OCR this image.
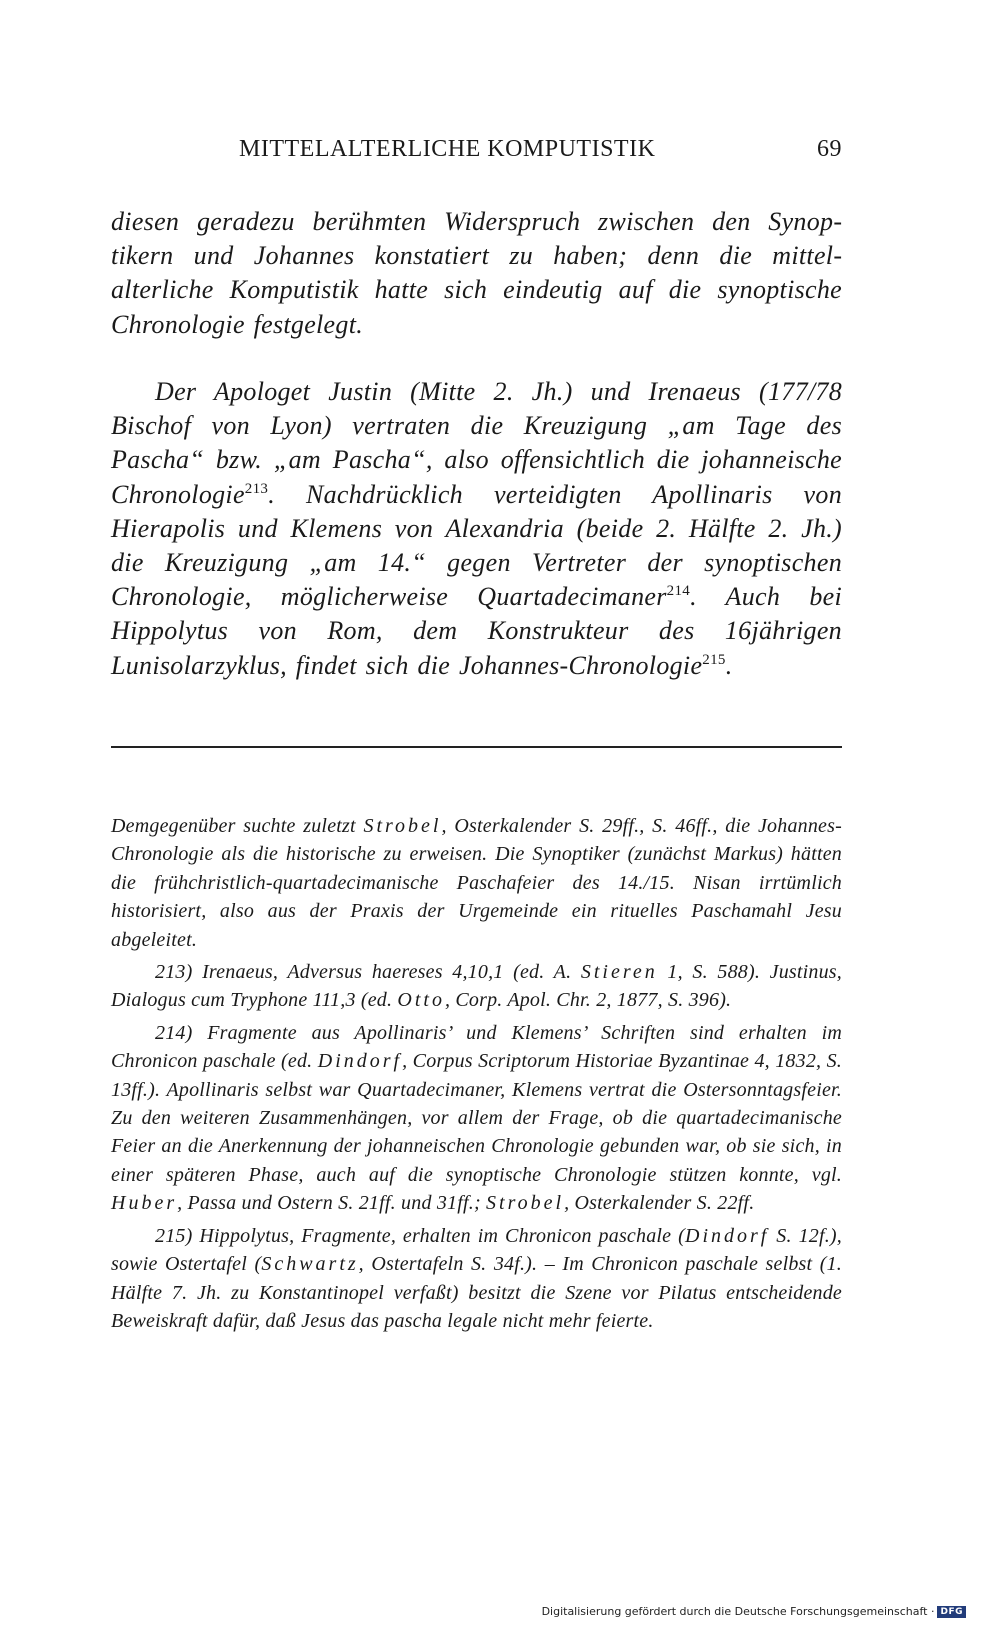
MITTELALTERLICHE KOMPUTISTIK	69

diesen geradezu berühmten Widerspruch zwischen den Synoptikern und Johannes konstatiert zu haben; denn die mittelalterliche Komputistik hatte sich eindeutig auf die synoptische Chronologie festgelegt.

Der Apologet Justin (Mitte 2. Jh.) und Irenaeus (177/78 Bischof von Lyon) vertraten die Kreuzigung „am Tage des Pascha“ bzw. „am Pascha“, also offensichtlich die johanneische Chronologie$^{213}$. Nachdrücklich verteidigten Apollinaris von Hierapolis und Klemens von Alexandria (beide 2. Hälfte 2. Jh.) die Kreuzigung „am 14.“ gegen Vertreter der synoptischen Chronologie, möglicherweise Quartadecimaner$^{214}$. Auch bei Hippolytus von Rom, dem Konstrukteur des 16jährigen Lunisolarzyklus, findet sich die Johannes-Chronologie$^{215}$.

Demgegenüber suchte zuletzt Strobel, Osterkalender S. 29ff., S. 46ff., die Johannes-Chronologie als die historische zu erweisen. Die Synoptiker (zunächst Markus) hätten die frühchristlich-quartadecimanische Paschafeier des 14./15. Nisan irrtümlich historisiert, also aus der Praxis der Urgemeinde ein rituelles Paschamahl Jesu abgeleitet.

213) Irenaeus, Adversus haereses 4,10,1 (ed. A. Stieren 1, S. 588). Justinus, Dialogus cum Tryphone 111,3 (ed. Otto, Corp. Apol. Chr. 2, 1877, S. 396).

214) Fragmente aus Apollinaris’ und Klemens’ Schriften sind erhalten im Chronicon paschale (ed. Dindorf, Corpus Scriptorum Historiae Byzantinae 4, 1832, S. 13ff.). Apollinaris selbst war Quartadecimaner, Klemens vertrat die Ostersonntagsfeier. Zu den weiteren Zusammenhängen, vor allem der Frage, ob die quartadecimanische Feier an die Anerkennung der johanneischen Chronologie gebunden war, ob sie sich, in einer späteren Phase, auch auf die synoptische Chronologie stützen konnte, vgl. Huber, Passa und Ostern S. 21ff. und 31ff.; Strobel, Osterkalender S. 22ff.

215) Hippolytus, Fragmente, erhalten im Chronicon paschale (Dindorf S. 12f.), sowie Ostertafel (Schwartz, Ostertafeln S. 34f.). – Im Chronicon paschale selbst (1. Hälfte 7. Jh. zu Konstantinopel verfaßt) besitzt die Szene vor Pilatus entscheidende Beweiskraft dafür, daß Jesus das pascha legale nicht mehr feierte.

Digitalisierung gefördert durch die Deutsche Forschungsgemeinschaft · DFG
